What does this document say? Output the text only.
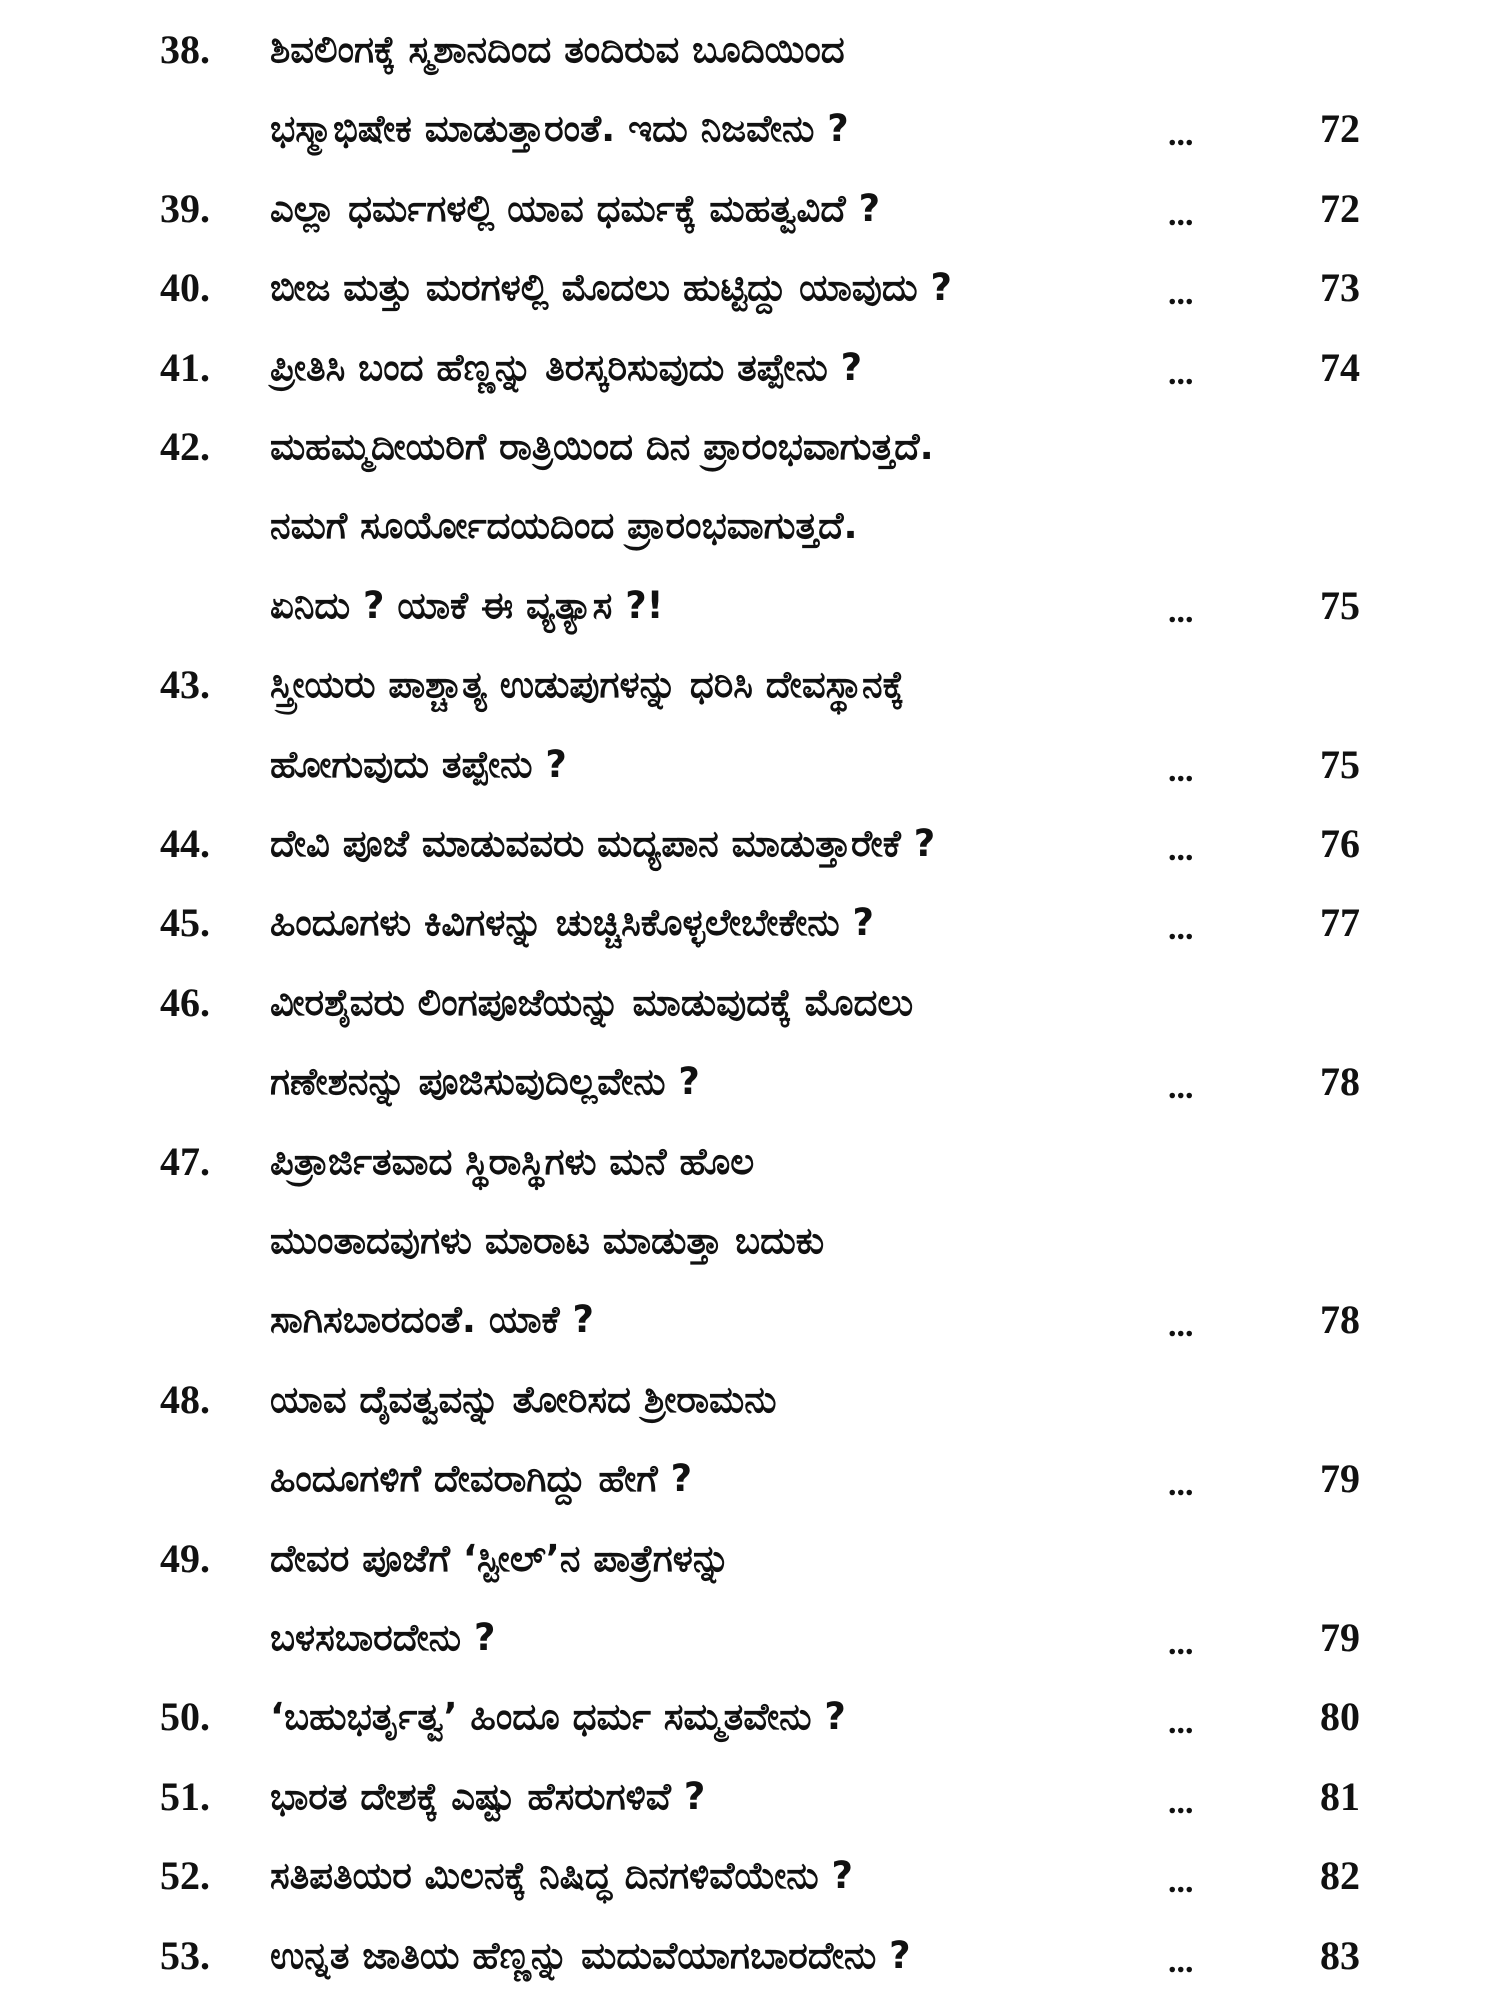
38. ಶಿವಲಿಂಗಕ್ಕೆ ಸ್ಮಶಾನದಿಂದ ತಂದಿರುವ ಬೂದಿಯಿಂದ
ಭಸ್ಮಾಭಿಷೇಕ ಮಾಡುತ್ತಾರಂತೆ. ಇದು ನಿಜವೇನು ?	...	72
39. ಎಲ್ಲಾ ಧರ್ಮಗಳಲ್ಲಿ ಯಾವ ಧರ್ಮಕ್ಕೆ ಮಹತ್ವವಿದೆ ?	...	72
40. ಬೀಜ ಮತ್ತು ಮರಗಳಲ್ಲಿ ಮೊದಲು ಹುಟ್ಟಿದ್ದು ಯಾವುದು ?	...	73
41. ಪ್ರೀತಿಸಿ ಬಂದ ಹೆಣ್ಣನ್ನು ತಿರಸ್ಕರಿಸುವುದು ತಪ್ಪೇನು ?	...	74
42. ಮಹಮ್ಮದೀಯರಿಗೆ ರಾತ್ರಿಯಿಂದ ದಿನ ಪ್ರಾರಂಭವಾಗುತ್ತದೆ.
ನಮಗೆ ಸೂರ್ಯೋದಯದಿಂದ ಪ್ರಾರಂಭವಾಗುತ್ತದೆ.
ಏನಿದು ? ಯಾಕೆ ಈ ವ್ಯತ್ಯಾಸ ?!	...	75
43. ಸ್ತ್ರೀಯರು ಪಾಶ್ಚಾತ್ಯ ಉಡುಪುಗಳನ್ನು ಧರಿಸಿ ದೇವಸ್ಥಾನಕ್ಕೆ
ಹೋಗುವುದು ತಪ್ಪೇನು ?	...	75
44. ದೇವಿ ಪೂಜೆ ಮಾಡುವವರು ಮದ್ಯಪಾನ ಮಾಡುತ್ತಾರೇಕೆ ?	...	76
45. ಹಿಂದೂಗಳು ಕಿವಿಗಳನ್ನು ಚುಚ್ಚಿಸಿಕೊಳ್ಳಲೇಬೇಕೇನು ?	...	77
46. ವೀರಶೈವರು ಲಿಂಗಪೂಜೆಯನ್ನು ಮಾಡುವುದಕ್ಕೆ ಮೊದಲು
ಗಣೇಶನನ್ನು ಪೂಜಿಸುವುದಿಲ್ಲವೇನು ?	...	78
47. ಪಿತ್ರಾರ್ಜಿತವಾದ ಸ್ಥಿರಾಸ್ಥಿಗಳು ಮನೆ ಹೊಲ
ಮುಂತಾದವುಗಳು ಮಾರಾಟ ಮಾಡುತ್ತಾ ಬದುಕು
ಸಾಗಿಸಬಾರದಂತೆ. ಯಾಕೆ ?	...	78
48. ಯಾವ ದೈವತ್ವವನ್ನು ತೋರಿಸದ ಶ್ರೀರಾಮನು
ಹಿಂದೂಗಳಿಗೆ ದೇವರಾಗಿದ್ದು ಹೇಗೆ ?	...	79
49. ದೇವರ ಪೂಜೆಗೆ ‘ಸ್ಟೀಲ್’ನ ಪಾತ್ರೆಗಳನ್ನು
ಬಳಸಬಾರದೇನು ?	...	79
50. ‘ಬಹುಭರ್ತೃತ್ವ’ ಹಿಂದೂ ಧರ್ಮ ಸಮ್ಮತವೇನು ?	...	80
51. ಭಾರತ ದೇಶಕ್ಕೆ ಎಷ್ಟು ಹೆಸರುಗಳಿವೆ ?	...	81
52. ಸತಿಪತಿಯರ ಮಿಲನಕ್ಕೆ ನಿಷಿದ್ಧ ದಿನಗಳಿವೆಯೇನು ?	...	82
53. ಉನ್ನತ ಜಾತಿಯ ಹೆಣ್ಣನ್ನು ಮದುವೆಯಾಗಬಾರದೇನು ?	...	83
